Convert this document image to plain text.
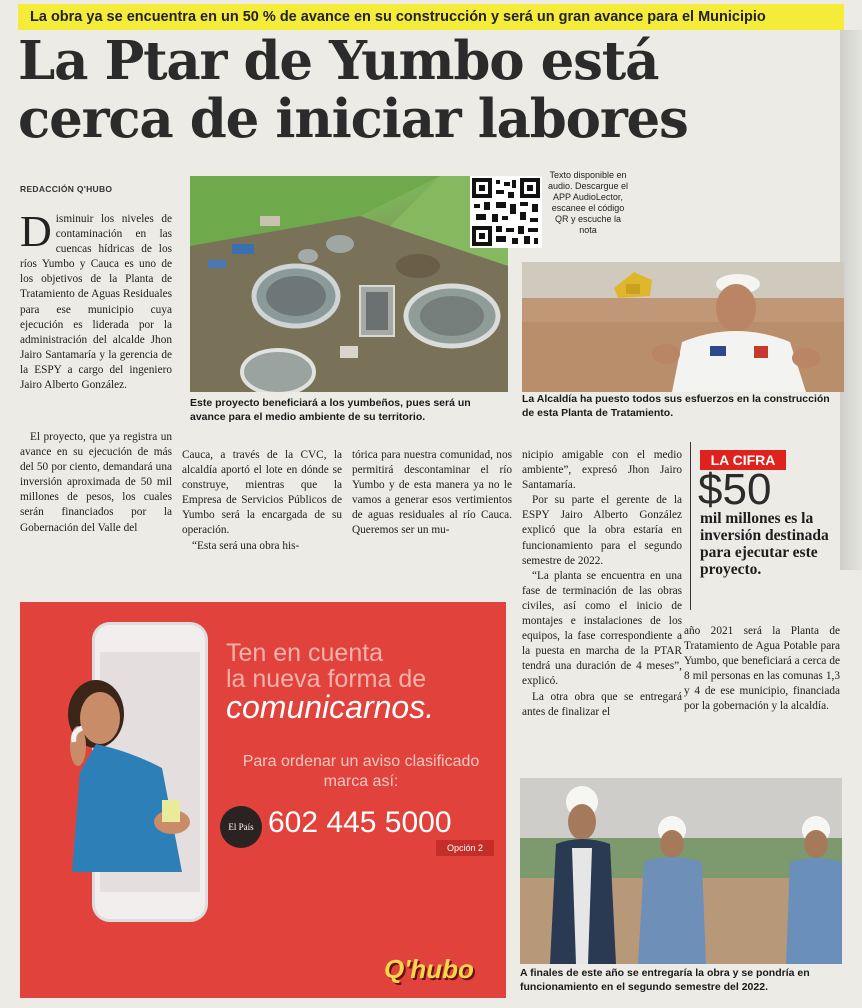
La obra ya se encuentra en un 50 % de avance en su construcción y será un gran avance para el Municipio
La Ptar de Yumbo está
cerca de iniciar labores
REDACCIÓN Q'HUBO
Este proyecto beneficiará a los yumbeños, pues será un avance para el medio ambiente de su territorio.
Texto disponible en audio. Descargue el APP AudioLector, escanee el código QR y escuche la nota
La Alcaldía ha puesto todos sus esfuerzos en la construcción de esta Planta de Tratamiento.

Disminuir los niveles de contaminación en las cuencas hídricas de los ríos Yumbo y Cauca es uno de los objetivos de la Planta de Tratamiento de Aguas Residuales para ese municipio cuya ejecución es liderada por la administración del alcalde Jhon Jairo Santamaría y la gerencia de la ESPY a cargo del ingeniero Jairo Alberto González.

El proyecto, que ya registra un avance en su ejecución de más del 50 por ciento, demandará una inversión aproximada de 50 mil millones de pesos, los cuales serán financiados por la Gobernación del Valle del

Cauca, a través de la CVC, la alcaldía aportó el lote en dónde se construye, mientras que la Empresa de Servicios Públicos de Yumbo será la encargada de su operación.

“Esta será una obra his-

tórica para nuestra comunidad, nos permitirá descontaminar el río Yumbo y de esta manera ya no le vamos a generar esos vertimientos de aguas residuales al río Cauca. Queremos ser un mu-

nicipio amigable con el medio ambiente”, expresó Jhon Jairo Santamaría.

Por su parte el gerente de la ESPY Jairo Alberto González explicó que la obra estaría en funcionamiento para el segundo semestre de 2022.

“La planta se encuentra en una fase de terminación de las obras civiles, así como el inicio de montajes e instalaciones de los equipos, la fase correspondiente a la puesta en marcha de la PTAR tendrá una duración de 4 meses”, explicó.

La otra obra que se entregará antes de finalizar el

LA CIFRA
$50
mil millones es la inversión destinada para ejecutar este proyecto.

año 2021 será la Planta de Tratamiento de Agua Potable para Yumbo, que beneficiará a cerca de 8 mil personas en las comunas 1,3 y 4 de ese municipio, financiada por la gobernación y la alcaldía.

Ten en cuenta
la nueva forma de
comunicarnos.
Para ordenar un aviso clasificado marca así:
El País 602 445 5000
Opción 2
Q'hubo	A finales de este año se entregaría la obra y se pondría en funcionamiento en el segundo semestre del 2022.
